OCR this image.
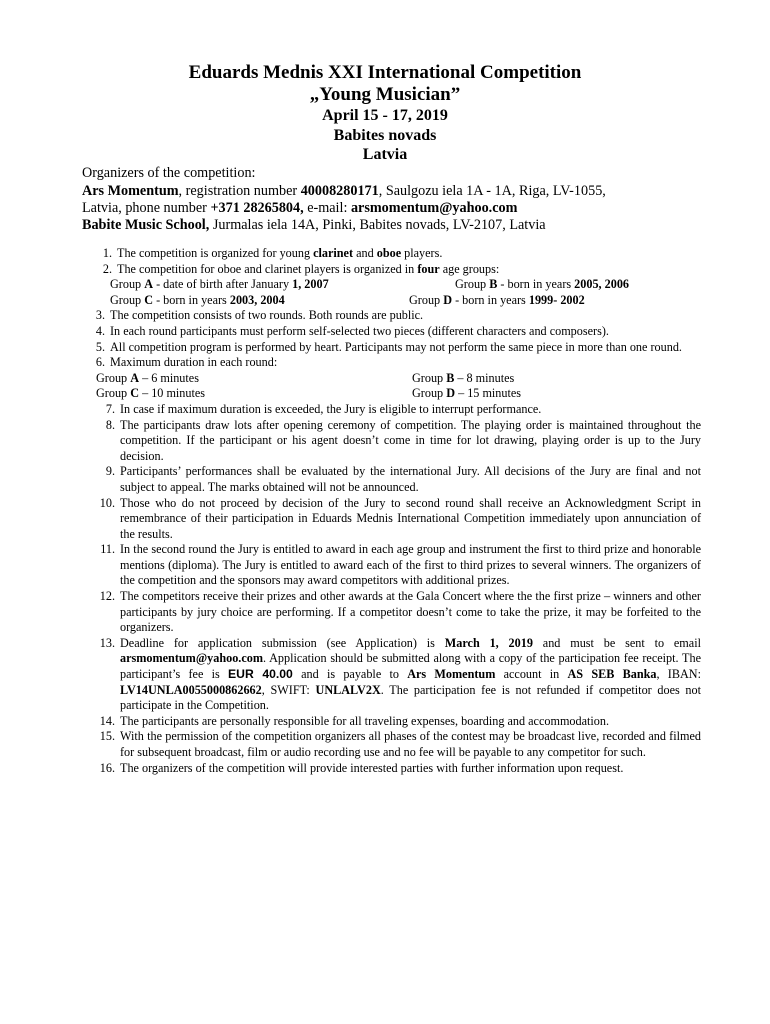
Eduards Mednis XXI International Competition
„Young Musician”
April 15 - 17, 2019
Babites novads
Latvia
Organizers of the competition:
Ars Momentum, registration number 40008280171, Saulgozu iela 1A - 1A, Riga, LV-1055,
Latvia, phone number +371 28265804, e-mail: arsmomentum@yahoo.com
Babite Music School, Jurmalas iela 14A, Pinki, Babites novads, LV-2107, Latvia
1. The competition is organized for young clarinet and oboe players.
2. The competition for oboe and clarinet players is organized in four age groups:
Group A - date of birth after January 1, 2007	Group B - born in years 2005, 2006
Group C - born in years 2003, 2004	Group D - born in years 1999- 2002
3. The competition consists of two rounds. Both rounds are public.
4. In each round participants must perform self-selected two pieces (different characters and composers).
5. All competition program is performed by heart. Participants may not perform the same piece in more than one round.
6. Maximum duration in each round:
Group A – 6 minutes	Group B – 8 minutes
Group C – 10 minutes	Group D – 15 minutes
7. In case if maximum duration is exceeded, the Jury is eligible to interrupt performance.
8. The participants draw lots after opening ceremony of competition. The playing order is maintained throughout the competition. If the participant or his agent doesn’t come in time for lot drawing, playing order is up to the Jury decision.
9. Participants’ performances shall be evaluated by the international Jury. All decisions of the Jury are final and not subject to appeal. The marks obtained will not be announced.
10. Those who do not proceed by decision of the Jury to second round shall receive an Acknowledgment Script in remembrance of their participation in Eduards Mednis International Competition immediately upon annunciation of the results.
11. In the second round the Jury is entitled to award in each age group and instrument the first to third prize and honorable mentions (diploma). The Jury is entitled to award each of the first to third prizes to several winners. The organizers of the competition and the sponsors may award competitors with additional prizes.
12. The competitors receive their prizes and other awards at the Gala Concert where the the first prize – winners and other participants by jury choice are performing. If a competitor doesn’t come to take the prize, it may be forfeited to the organizers.
13. Deadline for application submission (see Application) is March 1, 2019 and must be sent to email arsmomentum@yahoo.com. Application should be submitted along with a copy of the participation fee receipt. The participant’s fee is EUR 40.00 and is payable to Ars Momentum account in AS SEB Banka, IBAN: LV14UNLA0055000862662, SWIFT: UNLALV2X. The participation fee is not refunded if competitor does not participate in the Competition.
14. The participants are personally responsible for all traveling expenses, boarding and accommodation.
15. With the permission of the competition organizers all phases of the contest may be broadcast live, recorded and filmed for subsequent broadcast, film or audio recording use and no fee will be payable to any competitor for such.
16. The organizers of the competition will provide interested parties with further information upon request.
